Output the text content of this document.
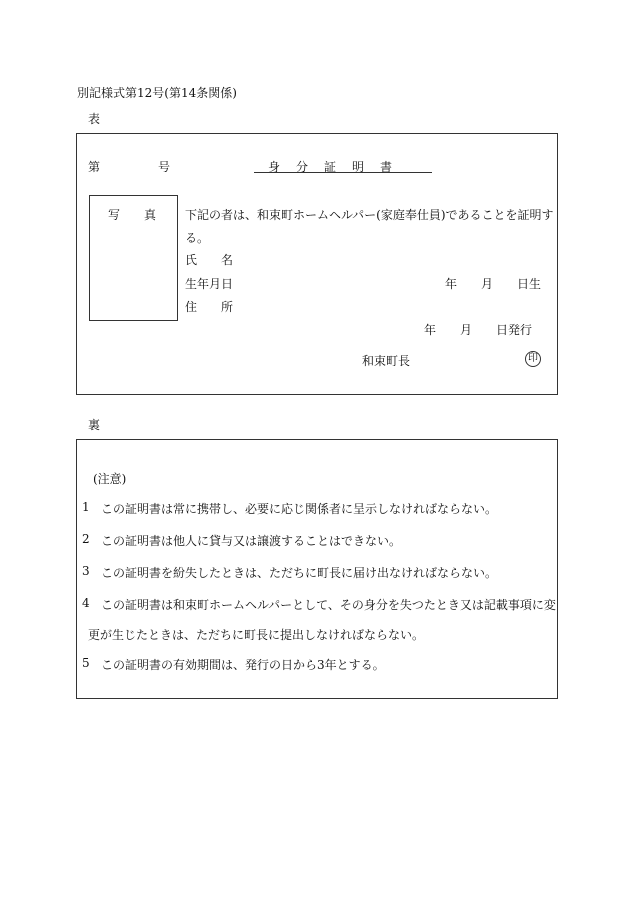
別記様式第12号(第14条関係)
表
第	号	身　分　証　明　書
写　　真 下記の者は、和束町ホームヘルパー(家庭奉仕員)であることを証明す
る。
氏　　名
生年月日	年　　月　　日生
住　　所
年　　月　　日発行
和束町長	印
裏
(注意)
1 この証明書は常に携帯し、必要に応じ関係者に呈示しなければならない。
2 この証明書は他人に貸与又は譲渡することはできない。
3 この証明書を紛失したときは、ただちに町長に届け出なければならない。
4 この証明書は和束町ホームヘルパーとして、その身分を失つたとき又は記載事項に変
更が生じたときは、ただちに町長に提出しなければならない。
5 この証明書の有効期間は、発行の日から3年とする。
